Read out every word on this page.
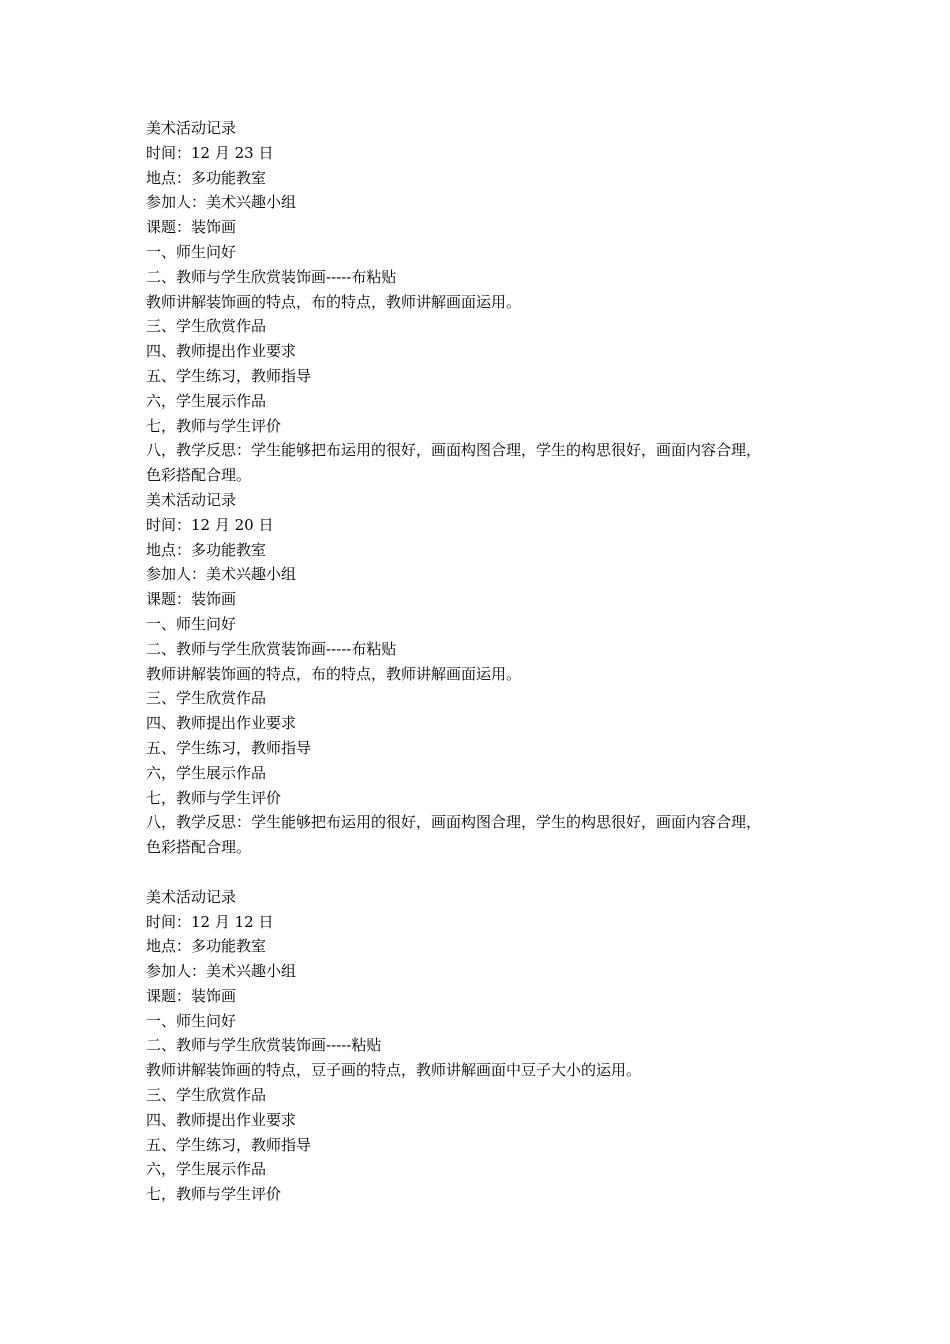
美术活动记录
时间：12 月 23 日
地点：多功能教室
参加人：美术兴趣小组
课题：装饰画
一、师生问好
二、教师与学生欣赏装饰画-----布粘贴
教师讲解装饰画的特点，布的特点，教师讲解画面运用。
三、学生欣赏作品
四、教师提出作业要求
五、学生练习，教师指导
六，学生展示作品
七，教师与学生评价
八，教学反思：学生能够把布运用的很好，画面构图合理，学生的构思很好，画面内容合理，
色彩搭配合理。
美术活动记录
时间：12 月 20 日
地点：多功能教室
参加人：美术兴趣小组
课题：装饰画
一、师生问好
二、教师与学生欣赏装饰画-----布粘贴
教师讲解装饰画的特点，布的特点，教师讲解画面运用。
三、学生欣赏作品
四、教师提出作业要求
五、学生练习，教师指导
六，学生展示作品
七，教师与学生评价
八，教学反思：学生能够把布运用的很好，画面构图合理，学生的构思很好，画面内容合理，
色彩搭配合理。
美术活动记录
时间：12 月 12 日
地点：多功能教室
参加人：美术兴趣小组
课题：装饰画
一、师生问好
二、教师与学生欣赏装饰画-----粘贴
教师讲解装饰画的特点，豆子画的特点，教师讲解画面中豆子大小的运用。
三、学生欣赏作品
四、教师提出作业要求
五、学生练习，教师指导
六，学生展示作品
七，教师与学生评价
